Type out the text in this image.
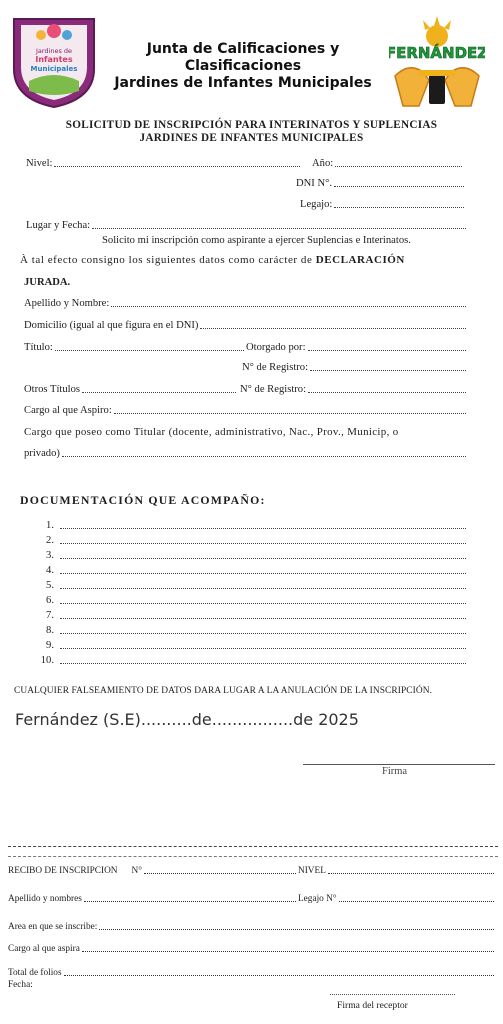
Jardines de
Infantes
Municipales
Junta de Calificaciones y Clasificaciones
Jardines de Infantes Municipales
FERNÁNDEZ
SOLICITUD DE INSCRIPCIÓN PARA INTERINATOS Y SUPLENCIAS
JARDINES DE INFANTES MUNICIPALES
Nivel:	Año:
DNI N°.
Legajo:
Lugar y Fecha:
Solicito mi inscripción como aspirante a ejercer Suplencias e Interinatos.
À tal efecto consigno los siguientes datos como carácter de DECLARACIÓN
JURADA.
Apellido y Nombre:
Domicilio (igual al que figura en el DNI)
Título:	Otorgado por:
N° de Registro:
Otros Títulos	N° de Registro:
Cargo al que Aspiro:
Cargo que poseo como Titular (docente, administrativo, Nac., Prov., Municip, o
privado)
DOCUMENTACIÓN QUE ACOMPAÑO:
1.
2.
3.
4.
5.
6.
7.
8.
9.
10.
CUALQUIER FALSEAMIENTO DE DATOS DARA LUGAR A LA ANULACIÓN DE LA INSCRIPCIÓN.
Fernández (S.E)..........de................de 2025
Firma
RECIBO DE INSCRIPCION N°	NIVEL
Apellido y nombres	Legajo N°
Area en que se inscribe:
Cargo al que aspira
Total de folios
Fecha:
Firma del receptor
